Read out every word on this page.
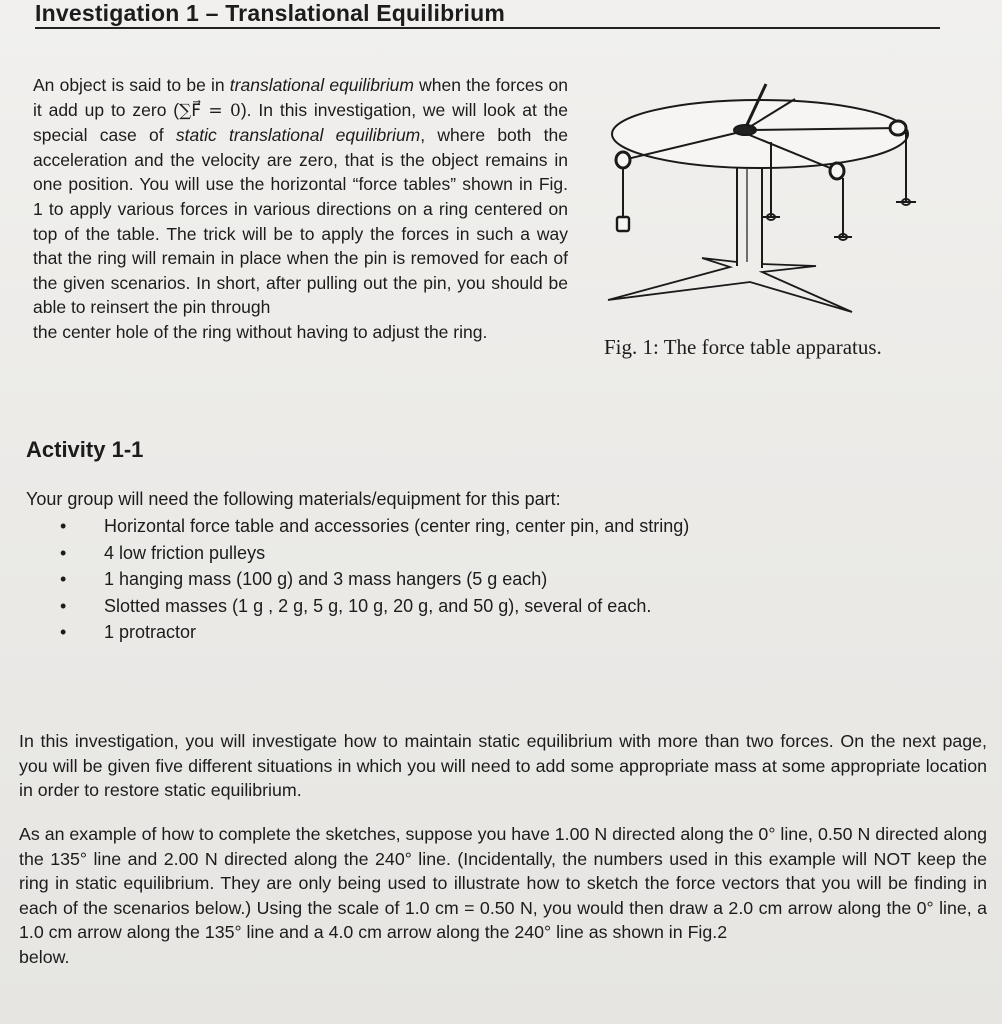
Investigation 1 – Translational Equilibrium
An object is said to be in translational equilibrium when the forces on it add up to zero (∑F⃗ = 0). In this investigation, we will look at the special case of static translational equilibrium, where both the acceleration and the velocity are zero, that is the object remains in one position. You will use the horizontal “force tables” shown in Fig. 1 to apply various forces in various directions on a ring centered on top of the table. The trick will be to apply the forces in such a way that the ring will remain in place when the pin is removed for each of the given scenarios. In short, after pulling out the pin, you should be able to reinsert the pin through
the center hole of the ring without having to adjust the ring.
Fig. 1: The force table apparatus.
Activity 1-1
Your group will need the following materials/equipment for this part:
• Horizontal force table and accessories (center ring, center pin, and string)
• 4 low friction pulleys
• 1 hanging mass (100 g) and 3 mass hangers (5 g each)
• Slotted masses (1 g , 2 g, 5 g, 10 g, 20 g, and 50 g), several of each.
• 1 protractor
In this investigation, you will investigate how to maintain static equilibrium with more than two forces. On the next page, you will be given five different situations in which you will need to add some appropriate mass at some appropriate location in order to restore static equilibrium.
As an example of how to complete the sketches, suppose you have 1.00 N directed along the 0° line, 0.50 N directed along the 135° line and 2.00 N directed along the 240° line. (Incidentally, the numbers used in this example will NOT keep the ring in static equilibrium. They are only being used to illustrate how to sketch the force vectors that you will be finding in each of the scenarios below.) Using the scale of 1.0 cm = 0.50 N, you would then draw a 2.0 cm arrow along the 0° line, a 1.0 cm arrow along the 135° line and a 4.0 cm arrow along the 240° line as shown in Fig.2
below.
